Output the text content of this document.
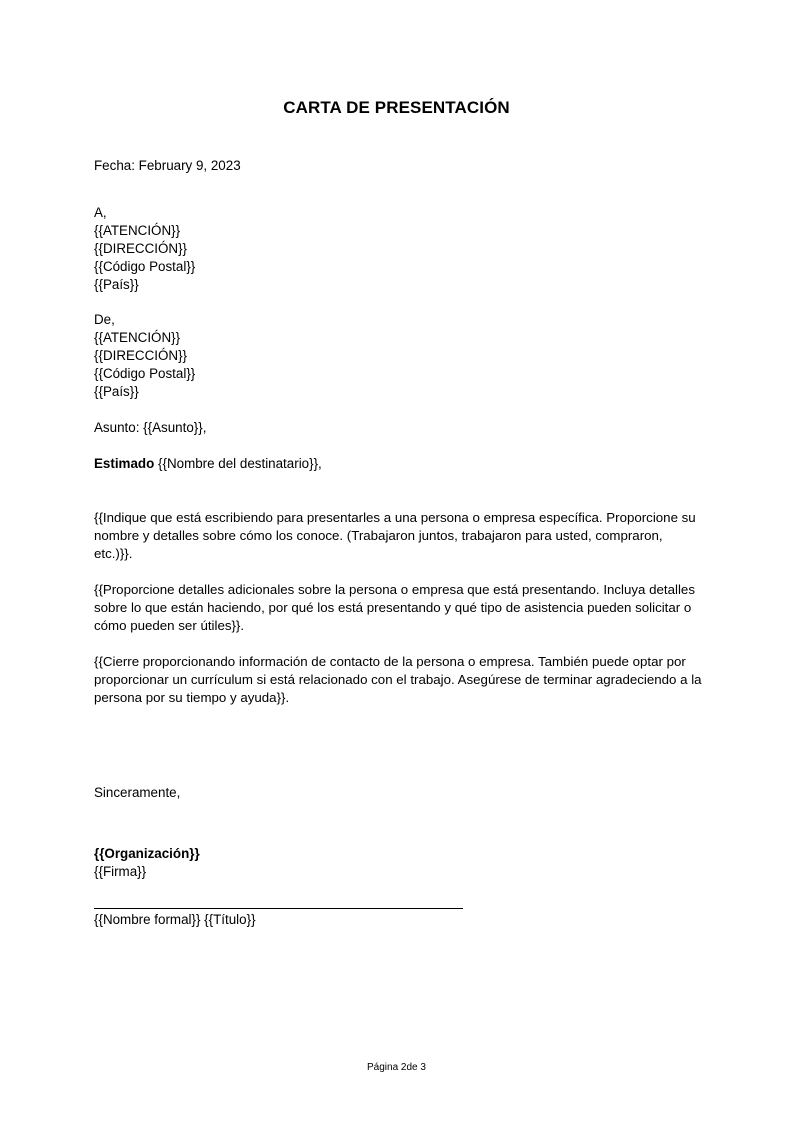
CARTA DE PRESENTACIÓN
Fecha: February 9, 2023
A,
{{ATENCIÓN}}
{{DIRECCIÓN}}
{{Código Postal}}
{{País}}
De,
{{ATENCIÓN}}
{{DIRECCIÓN}}
{{Código Postal}}
{{País}}
Asunto: {{Asunto}},
Estimado {{Nombre del destinatario}},
{{Indique que está escribiendo para presentarles a una persona o empresa específica. Proporcione su nombre y detalles sobre cómo los conoce. (Trabajaron juntos, trabajaron para usted, compraron, etc.)}}.
{{Proporcione detalles adicionales sobre la persona o empresa que está presentando. Incluya detalles sobre lo que están haciendo, por qué los está presentando y qué tipo de asistencia pueden solicitar o cómo pueden ser útiles}}.
{{Cierre proporcionando información de contacto de la persona o empresa. También puede optar por proporcionar un currículum si está relacionado con el trabajo. Asegúrese de terminar agradeciendo a la persona por su tiempo y ayuda}}.
Sinceramente,
{{Organización}}
{{Firma}}
{{Nombre formal}} {{Título}}
Página 2de 3
